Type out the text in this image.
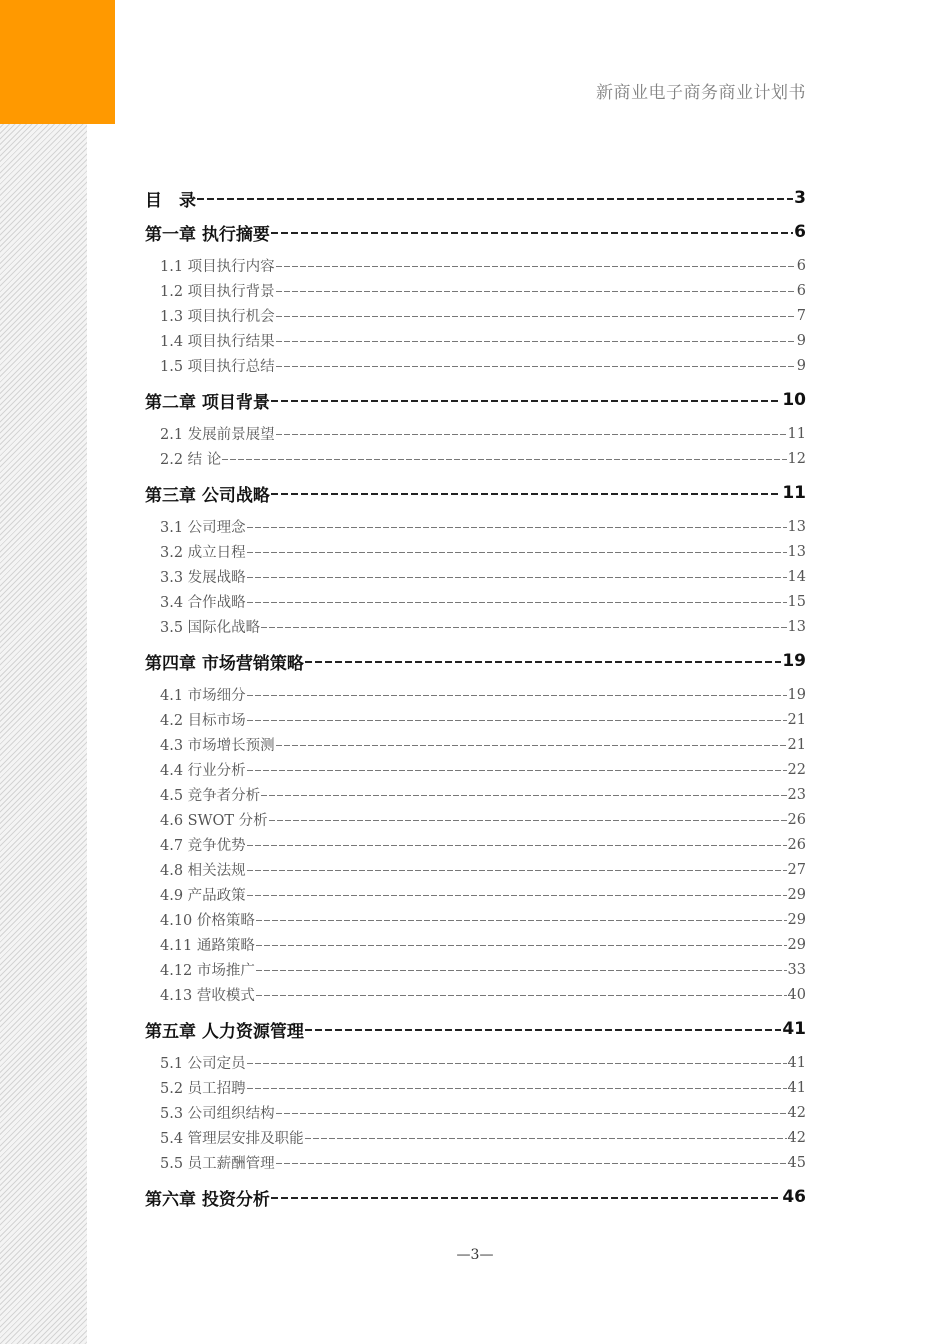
新商业电子商务商业计划书
目　录	3
第一章 执行摘要	6
1.1 项目执行内容	6
1.2 项目执行背景	6
1.3 项目执行机会	7
1.4 项目执行结果	9
1.5 项目执行总结	9
第二章 项目背景	10
2.1 发展前景展望	11
2.2 结 论	12
第三章 公司战略	11
3.1 公司理念	13
3.2 成立日程	13
3.3 发展战略	14
3.4 合作战略	15
3.5 国际化战略	13
第四章 市场营销策略	19
4.1 市场细分	19
4.2 目标市场	21
4.3 市场增长预测	21
4.4 行业分析	22
4.5 竞争者分析	23
4.6 SWOT 分析	26
4.7 竞争优势	26
4.8 相关法规	27
4.9 产品政策	29
4.10 价格策略	29
4.11 通路策略	29
4.12 市场推广	33
4.13 营收模式	40
第五章 人力资源管理	41
5.1 公司定员	41
5.2 员工招聘	41
5.3 公司组织结构	42
5.4 管理层安排及职能	42
5.5 员工薪酬管理	45
第六章 投资分析	46
—3—
